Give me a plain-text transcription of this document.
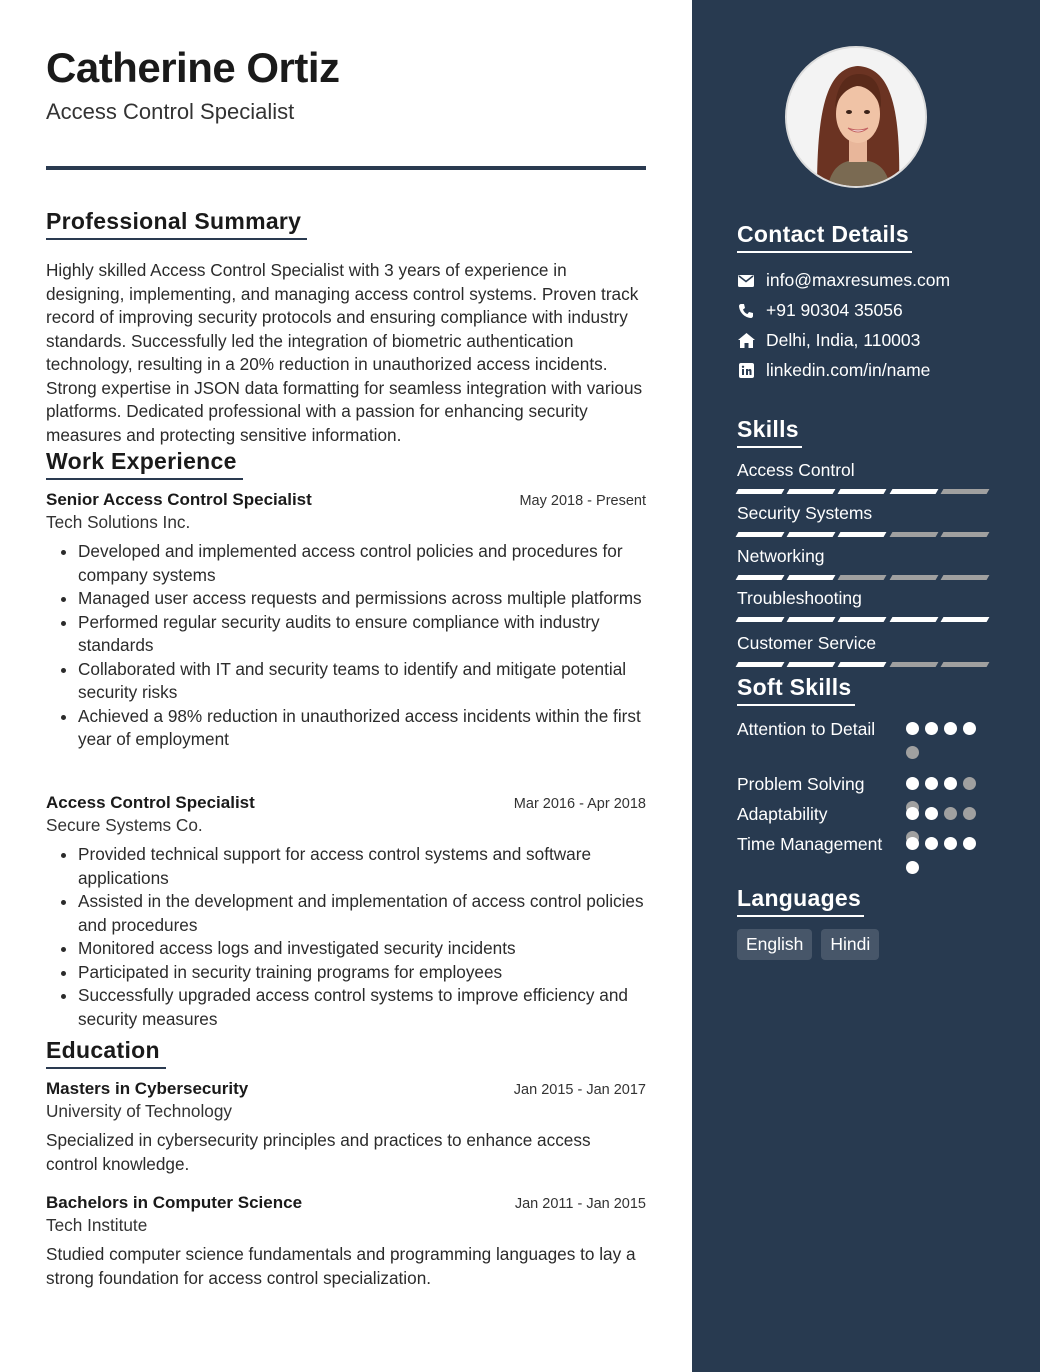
Catherine Ortiz
Access Control Specialist
Professional Summary
Highly skilled Access Control Specialist with 3 years of experience in designing, implementing, and managing access control systems. Proven track record of improving security protocols and ensuring compliance with industry standards. Successfully led the integration of biometric authentication technology, resulting in a 20% reduction in unauthorized access incidents. Strong expertise in JSON data formatting for seamless integration with various platforms. Dedicated professional with a passion for enhancing security measures and protecting sensitive information.
Work Experience
Senior Access Control Specialist	May 2018 - Present
Tech Solutions Inc.
• Developed and implemented access control policies and procedures for company systems
• Managed user access requests and permissions across multiple platforms
• Performed regular security audits to ensure compliance with industry standards
• Collaborated with IT and security teams to identify and mitigate potential security risks
• Achieved a 98% reduction in unauthorized access incidents within the first year of employment
Access Control Specialist	Mar 2016 - Apr 2018
Secure Systems Co.
• Provided technical support for access control systems and software applications
• Assisted in the development and implementation of access control policies and procedures
• Monitored access logs and investigated security incidents
• Participated in security training programs for employees
• Successfully upgraded access control systems to improve efficiency and security measures
Education
Masters in Cybersecurity	Jan 2015 - Jan 2017
University of Technology
Specialized in cybersecurity principles and practices to enhance access control knowledge.
Bachelors in Computer Science	Jan 2011 - Jan 2015
Tech Institute
Studied computer science fundamentals and programming languages to lay a strong foundation for access control specialization.
Contact Details
info@maxresumes.com
+91 90304 35056
Delhi, India, 110003
linkedin.com/in/name
Skills
Access Control
Security Systems
Networking
Troubleshooting
Customer Service
Soft Skills
Attention to Detail
Problem Solving
Adaptability
Time Management
Languages
English	Hindi
